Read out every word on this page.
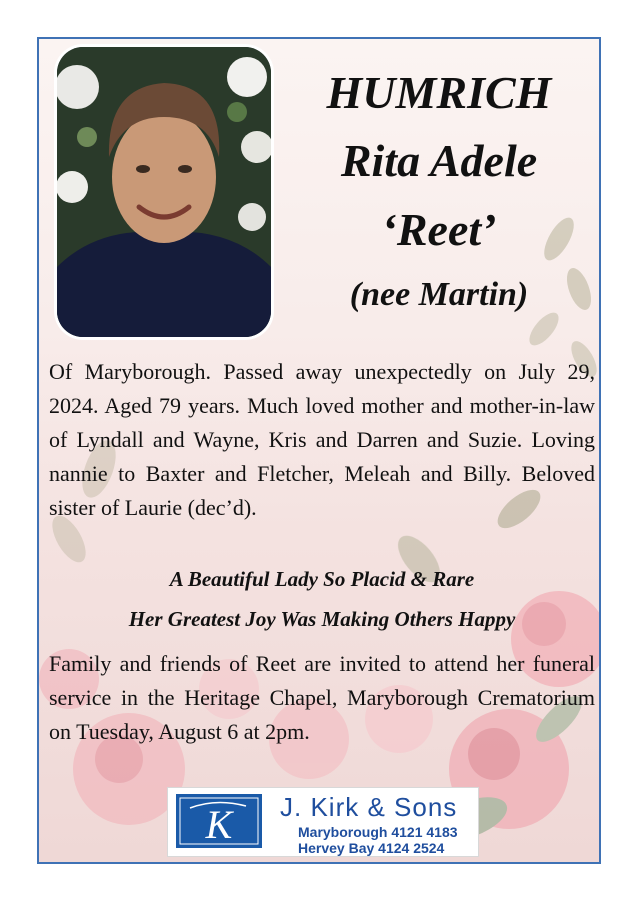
HUMRICH

Rita Adele

‘Reet’

(nee Martin)

Of Maryborough. Passed away unexpectedly on July 29, 2024. Aged 79 years. Much loved mother and mother-in-law of Lyndall and Wayne, Kris and Darren and Suzie. Loving nannie to Baxter and Fletcher, Meleah and Billy. Beloved sister of Laurie (dec’d).

A Beautiful Lady So Placid & Rare

Her Greatest Joy Was Making Others Happy

Family and friends of Reet are invited to attend her funeral service in the Heritage Chapel, Maryborough Crematorium on Tuesday, August 6 at 2pm.

K J. Kirk & Sons
Maryborough 4121 4183
Hervey Bay 4124 2524
